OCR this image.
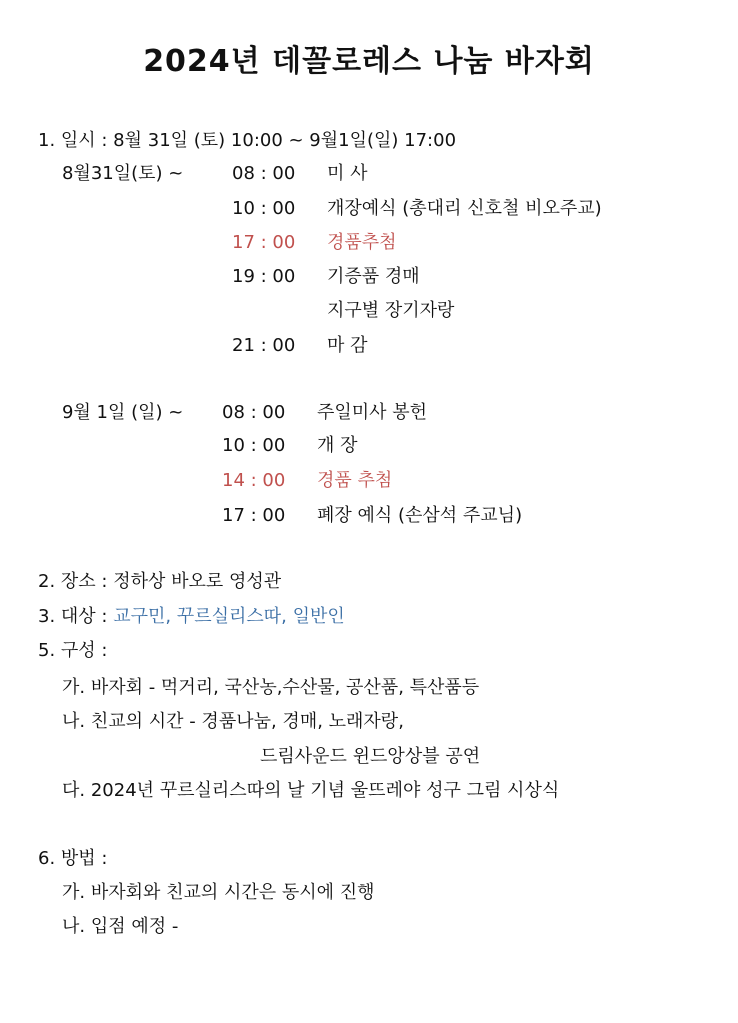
2024년 데꼴로레스 나눔 바자회
1. 일시 : 8월 31일 (토) 10:00 ~ 9월1일(일) 17:00
8월31일(토) ~	08 : 00 미 사
10 : 00 개장예식 (총대리 신호철 비오주교)
17 : 00 경품추첨
19 : 00 기증품 경매
지구별 장기자랑
21 : 00 마 감
9월 1일 (일) ~ 08 : 00 주일미사 봉헌
10 : 00 개 장
14 : 00 경품 추첨
17 : 00 폐장 예식 (손삼석 주교님)
2. 장소 : 정하상 바오로 영성관
3. 대상 : 교구민, 꾸르실리스따, 일반인
5. 구성 :
가. 바자회 - 먹거리, 국산농,수산물, 공산품, 특산품등
나. 친교의 시간 - 경품나눔, 경매, 노래자랑,
드림사운드 윈드앙상블 공연
다. 2024년 꾸르실리스따의 날 기념 울뜨레야 성구 그림 시상식
6. 방법 :
가. 바자회와 친교의 시간은 동시에 진행
나. 입점 예정 -
